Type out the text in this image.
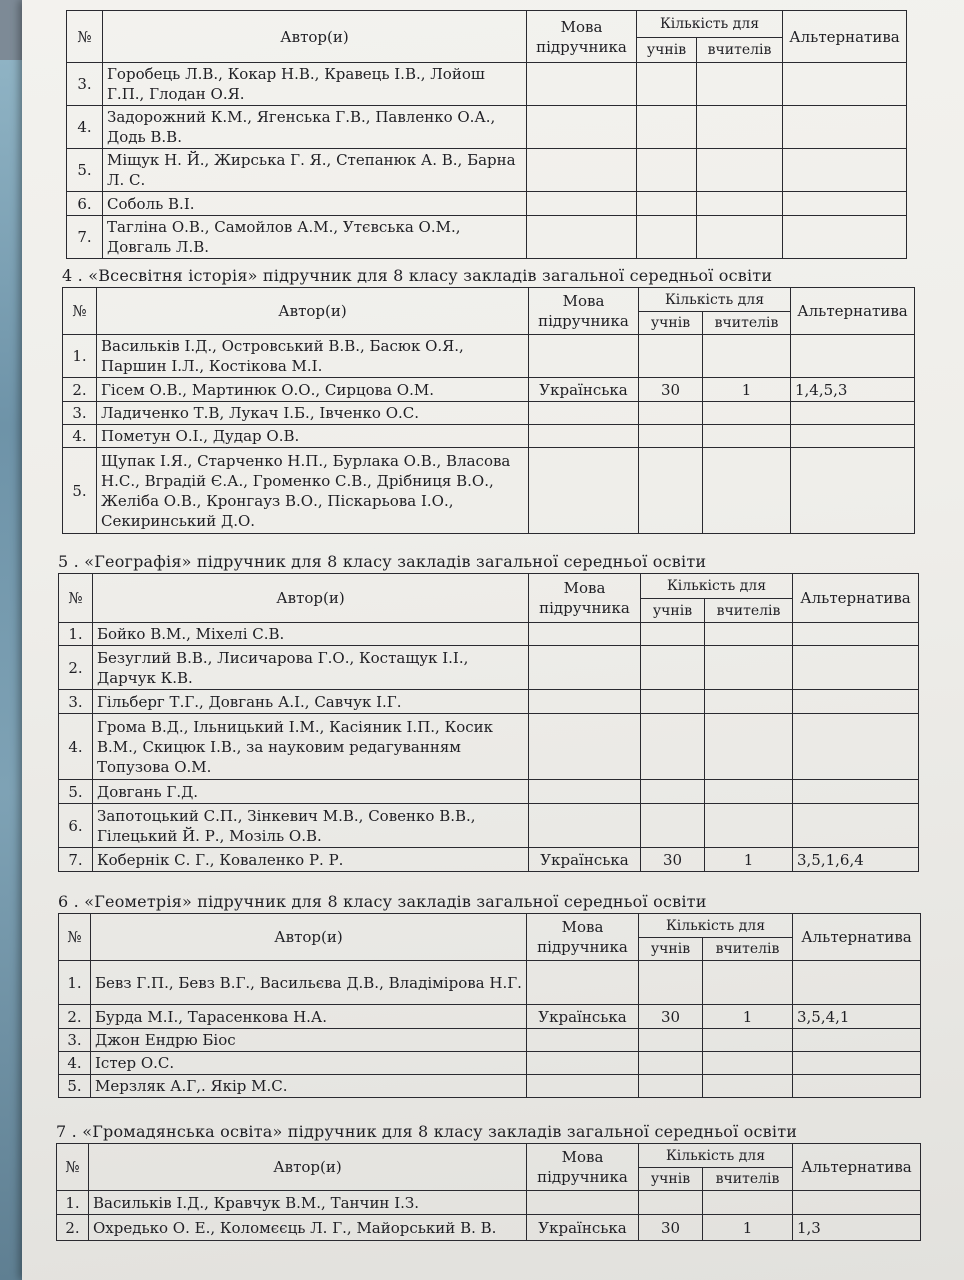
№	Автор(и)	Мова підручника	Кількість для		Альтернатива
			учнів	вчителів	
3.	Горобець Л.В., Кокар Н.В., Кравець І.В., Лойош Г.П., Глодан О.Я.				
4.	Задорожний К.М., Ягенська Г.В., Павленко О.А., Додь В.В.				
5.	Міщук Н. Й., Жирська Г. Я., Степанюк А. В., Барна Л. С.				
6.	Соболь В.І.				
7.	Тагліна О.В., Самойлов А.М., Утєвська О.М., Довгаль Л.В.				
4 . «Всесвітня історія» підручник для 8 класу закладів загальної середньої освіти
№	Автор(и)	Мова підручника	Кількість для		Альтернатива
			учнів	вчителів	
1.	Васильків І.Д., Островський В.В., Басюк О.Я., Паршин І.Л., Костікова М.І.				
2.	Гісем О.В., Мартинюк О.О., Сирцова О.М.	Українська	30	1	1,4,5,3
3.	Ладиченко Т.В, Лукач І.Б., Івченко О.С.				
4.	Пометун О.І., Дудар О.В.				
5.	Щупак І.Я., Старченко Н.П., Бурлака О.В., Власова Н.С., Вградій Є.А., Громенко С.В., Дрібниця В.О., Желіба О.В., Кронгауз В.О., Піскарьова І.О., Секиринський Д.О.				
5 . «Географія» підручник для 8 класу закладів загальної середньої освіти
№	Автор(и)	Мова підручника	Кількість для		Альтернатива
			учнів	вчителів	
1.	Бойко В.М., Міхелі С.В.				
2.	Безуглий В.В., Лисичарова Г.О., Костащук І.І., Дарчук К.В.				
3.	Гільберг Т.Г., Довгань А.І., Савчук І.Г.				
4.	Грома В.Д., Ільницький І.М., Касіяник І.П., Косик В.М., Скицюк І.В., за науковим редагуванням Топузова О.М.				
5.	Довгань Г.Д.				
6.	Запотоцький С.П., Зінкевич М.В., Совенко В.В., Гілецький Й. Р., Мозіль О.В.				
7.	Кобернік С. Г., Коваленко Р. Р.	Українська	30	1	3,5,1,6,4
6 . «Геометрія» підручник для 8 класу закладів загальної середньої освіти
№	Автор(и)	Мова підручника	Кількість для		Альтернатива
			учнів	вчителів	
1.	Бевз Г.П., Бевз В.Г., Васильєва Д.В., Владімірова Н.Г.				
2.	Бурда М.І., Тарасенкова Н.А.	Українська	30	1	3,5,4,1
3.	Джон Ендрю Біос				
4.	Істер О.С.				
5.	Мерзляк А.Г,. Якір М.С.				
7 . «Громадянська освіта» підручник для 8 класу закладів загальної середньої освіти
№	Автор(и)	Мова підручника	Кількість для		Альтернатива
			учнів	вчителів	
1.	Васильків І.Д., Кравчук В.М., Танчин І.З.				
2.	Охредько О. Е., Коломєєць Л. Г., Майорський В. В.	Українська	30	1	1,3
